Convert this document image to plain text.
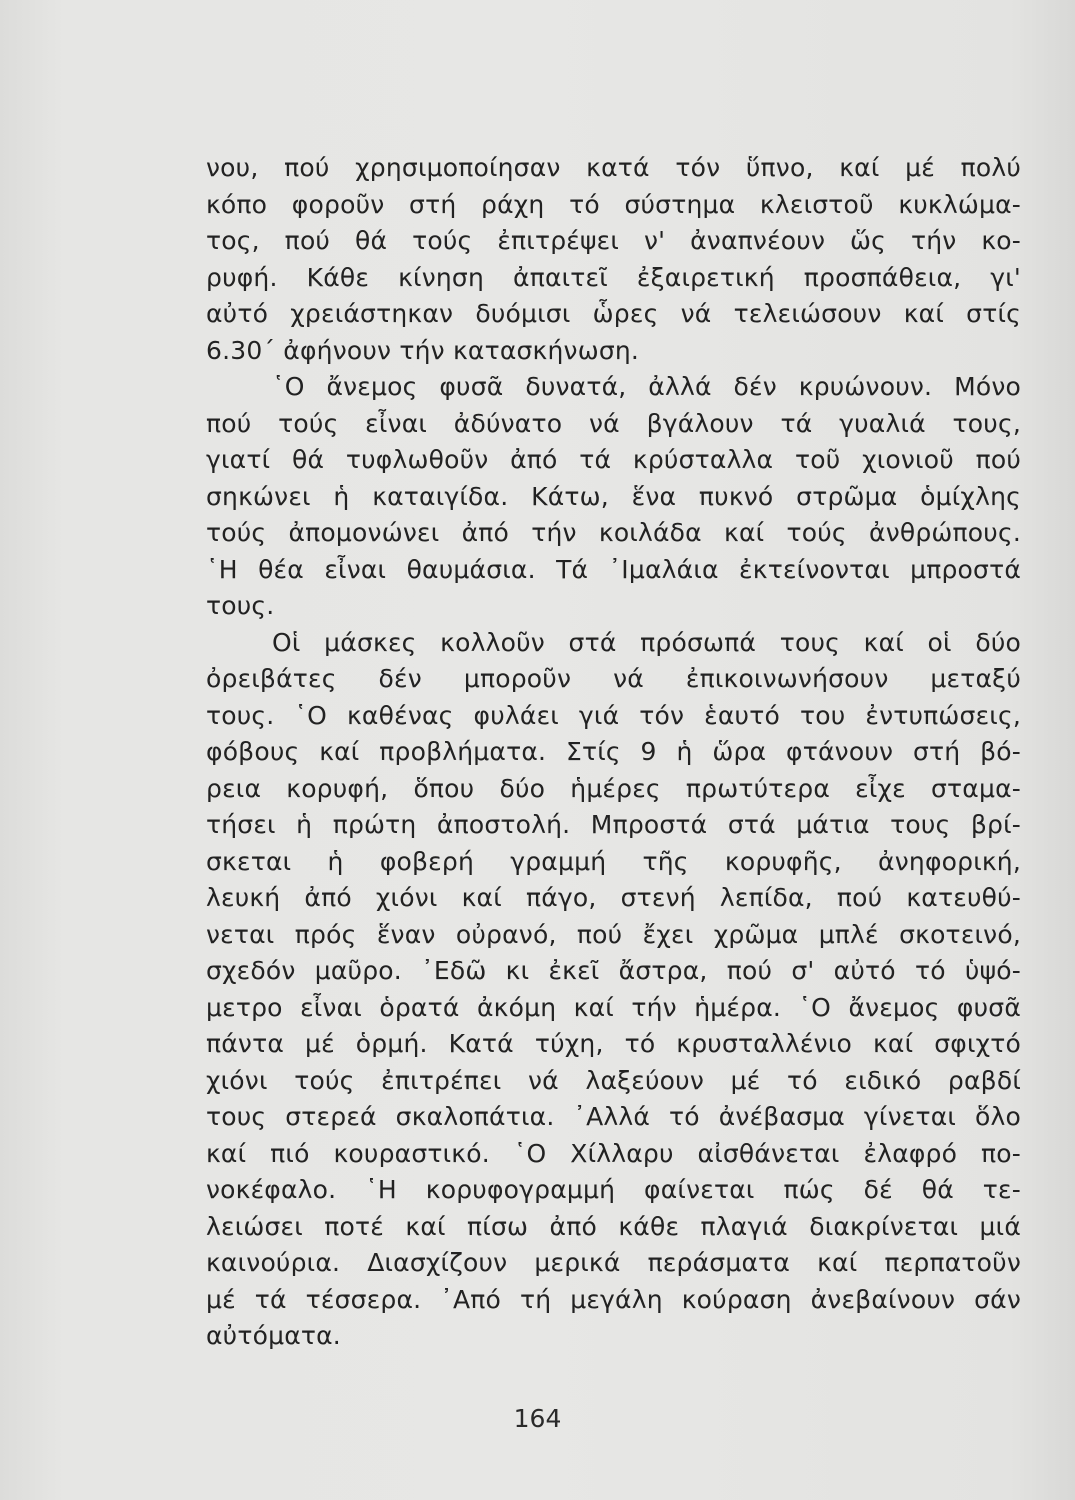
νου, πού χρησιμοποίησαν κατά τόν ὕπνο, καί μέ πολύ
κόπο φοροῦν στή ράχη τό σύστημα κλειστοῦ κυκλώμα-
τος, πού θά τούς ἐπιτρέψει ν' ἀναπνέουν ὥς τήν κο-
ρυφή. Κάθε κίνηση ἀπαιτεῖ ἐξαιρετική προσπάθεια, γι'
αὐτό χρειάστηκαν δυόμισι ὧρες νά τελειώσουν καί στίς
6.30΄ ἀφήνουν τήν κατασκήνωση.
῾Ο ἄνεμος φυσᾶ δυνατά, ἀλλά δέν κρυώνουν. Μόνο
πού τούς εἶναι ἀδύνατο νά βγάλουν τά γυαλιά τους,
γιατί θά τυφλωθοῦν ἀπό τά κρύσταλλα τοῦ χιονιοῦ πού
σηκώνει ἡ καταιγίδα. Κάτω, ἕνα πυκνό στρῶμα ὁμίχλης
τούς ἀπομονώνει ἀπό τήν κοιλάδα καί τούς ἀνθρώπους.
῾Η θέα εἶναι θαυμάσια. Τά ᾿Ιμαλάια ἐκτείνονται μπροστά
τους.
Οἱ μάσκες κολλοῦν στά πρόσωπά τους καί οἱ δύο
ὀρειβάτες δέν μποροῦν νά ἐπικοινωνήσουν μεταξύ
τους. ῾Ο καθένας φυλάει γιά τόν ἑαυτό του ἐντυπώσεις,
φόβους καί προβλήματα. Στίς 9 ἡ ὥρα φτάνουν στή βό-
ρεια κορυφή, ὅπου δύο ἡμέρες πρωτύτερα εἶχε σταμα-
τήσει ἡ πρώτη ἀποστολή. Μπροστά στά μάτια τους βρί-
σκεται ἡ φοβερή γραμμή τῆς κορυφῆς, ἀνηφορική,
λευκή ἀπό χιόνι καί πάγο, στενή λεπίδα, πού κατευθύ-
νεται πρός ἕναν οὐρανό, πού ἔχει χρῶμα μπλέ σκοτεινό,
σχεδόν μαῦρο. ᾿Εδῶ κι ἐκεῖ ἄστρα, πού σ' αὐτό τό ὑψό-
μετρο εἶναι ὁρατά ἀκόμη καί τήν ἡμέρα. ῾Ο ἄνεμος φυσᾶ
πάντα μέ ὁρμή. Κατά τύχη, τό κρυσταλλένιο καί σφιχτό
χιόνι τούς ἐπιτρέπει νά λαξεύουν μέ τό ειδικό ραβδί
τους στερεά σκαλοπάτια. ᾿Αλλά τό ἀνέβασμα γίνεται ὅλο
καί πιό κουραστικό. ῾Ο Χίλλαρυ αἰσθάνεται ἐλαφρό πο-
νοκέφαλο. ῾Η κορυφογραμμή φαίνεται πώς δέ θά τε-
λειώσει ποτέ καί πίσω ἀπό κάθε πλαγιά διακρίνεται μιά
καινούρια. Διασχίζουν μερικά περάσματα καί περπατοῦν
μέ τά τέσσερα. ᾿Από τή μεγάλη κούραση ἀνεβαίνουν σάν
αὐτόματα.
164
